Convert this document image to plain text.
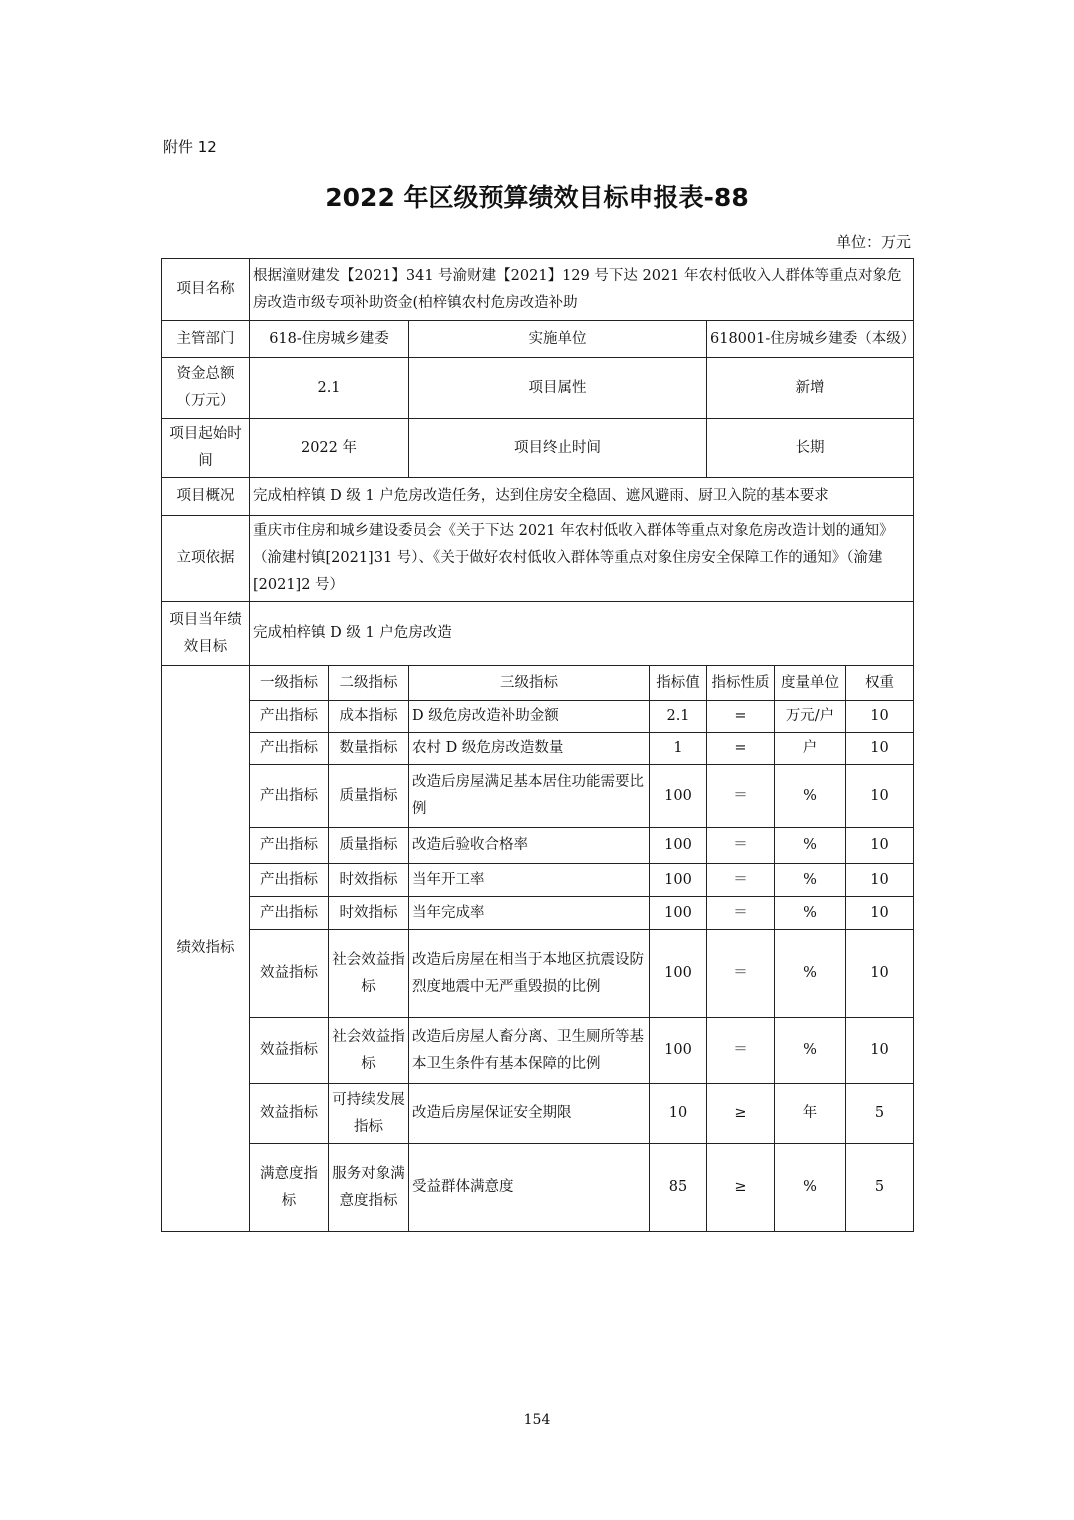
附件 12
2022 年区级预算绩效目标申报表-88
单位：万元
项目名称	根据潼财建发【2021】341 号渝财建【2021】129 号下达 2021 年农村低收入人群体等重点对象危房改造市级专项补助资金(柏梓镇农村危房改造补助						
主管部门	618-住房城乡建委		实施单位		618001-住房城乡建委（本级）		
资金总额（万元）	2.1		项目属性		新增		
项目起始时间	2022 年		项目终止时间		长期		
项目概况	完成柏梓镇 D 级 1 户危房改造任务，达到住房安全稳固、遮风避雨、厨卫入院的基本要求						
立项依据	重庆市住房和城乡建设委员会《关于下达 2021 年农村低收入群体等重点对象危房改造计划的通知》（渝建村镇[2021]31 号）、《关于做好农村低收入群体等重点对象住房安全保障工作的通知》（渝建[2021]2 号）						
项目当年绩效目标	完成柏梓镇 D 级 1 户危房改造						
绩效指标	一级指标	二级指标	三级指标	指标值	指标性质	度量单位	权重
	产出指标	成本指标	D 级危房改造补助金额	2.1	=	万元/户	10
	产出指标	数量指标	农村 D 级危房改造数量	1	=	户	10
	产出指标	质量指标	改造后房屋满足基本居住功能需要比例	100	＝	%	10
	产出指标	质量指标	改造后验收合格率	100	＝	%	10
	产出指标	时效指标	当年开工率	100	＝	%	10
	产出指标	时效指标	当年完成率	100	＝	%	10
	效益指标	社会效益指标	改造后房屋在相当于本地区抗震设防烈度地震中无严重毁损的比例	100	＝	%	10
	效益指标	社会效益指标	改造后房屋人畜分离、卫生厕所等基本卫生条件有基本保障的比例	100	＝	%	10
	效益指标	可持续发展指标	改造后房屋保证安全期限	10	≥	年	5
	满意度指标	服务对象满意度指标	受益群体满意度	85	≥	%	5
154
